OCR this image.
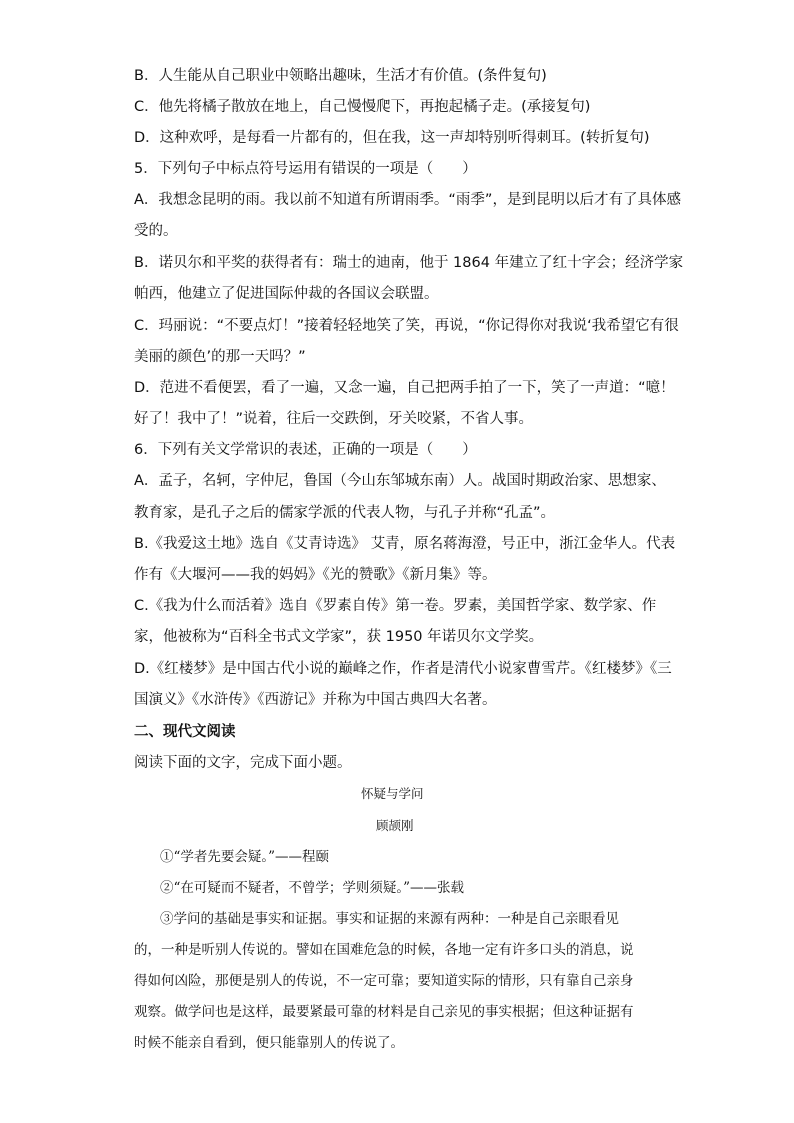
B．人生能从自己职业中领略出趣味，生活才有价值。(条件复句)
C．他先将橘子散放在地上，自己慢慢爬下，再抱起橘子走。(承接复句)
D．这种欢呼，是每看一片都有的，但在我，这一声却特别听得刺耳。(转折复句)
5．下列句子中标点符号运用有错误的一项是（　　）
A．我想念昆明的雨。我以前不知道有所谓雨季。“雨季”，是到昆明以后才有了具体感
受的。
B．诺贝尔和平奖的获得者有：瑞士的迪南，他于 1864 年建立了红十字会；经济学家
帕西，他建立了促进国际仲裁的各国议会联盟。
C．玛丽说：“不要点灯！”接着轻轻地笑了笑，再说，“你记得你对我说‘我希望它有很
美丽的颜色’的那一天吗？”
D．范进不看便罢，看了一遍，又念一遍，自己把两手拍了一下，笑了一声道：“噫！
好了！我中了！”说着，往后一交跌倒，牙关咬紧，不省人事。
6．下列有关文学常识的表述，正确的一项是（　　）
A．孟子，名轲，字仲尼，鲁国（今山东邹城东南）人。战国时期政治家、思想家、
教育家，是孔子之后的儒家学派的代表人物，与孔子并称“孔孟”。
B.《我爱这土地》选自《艾青诗选》 艾青，原名蒋海澄，号正中，浙江金华人。代表
作有《大堰河——我的妈妈》《光的赞歌》《新月集》等。
C.《我为什么而活着》选自《罗素自传》第一卷。罗素，美国哲学家、数学家、作
家，他被称为“百科全书式文学家”，获 1950 年诺贝尔文学奖。
D.《红楼梦》是中国古代小说的巅峰之作，作者是清代小说家曹雪芹。《红楼梦》《三
国演义》《水浒传》《西游记》并称为中国古典四大名著。
二、现代文阅读
阅读下面的文字，完成下面小题。
怀疑与学问
顾颉刚
①“学者先要会疑。”——程颐
②“在可疑而不疑者，不曾学；学则须疑。”——张载
③学问的基础是事实和证据。事实和证据的来源有两种：一种是自己亲眼看见
的，一种是听别人传说的。譬如在国难危急的时候，各地一定有许多口头的消息，说
得如何凶险，那便是别人的传说，不一定可靠；要知道实际的情形，只有靠自己亲身
观察。做学问也是这样，最要紧最可靠的材料是自己亲见的事实根据；但这种证据有
时候不能亲自看到，便只能靠别人的传说了。
